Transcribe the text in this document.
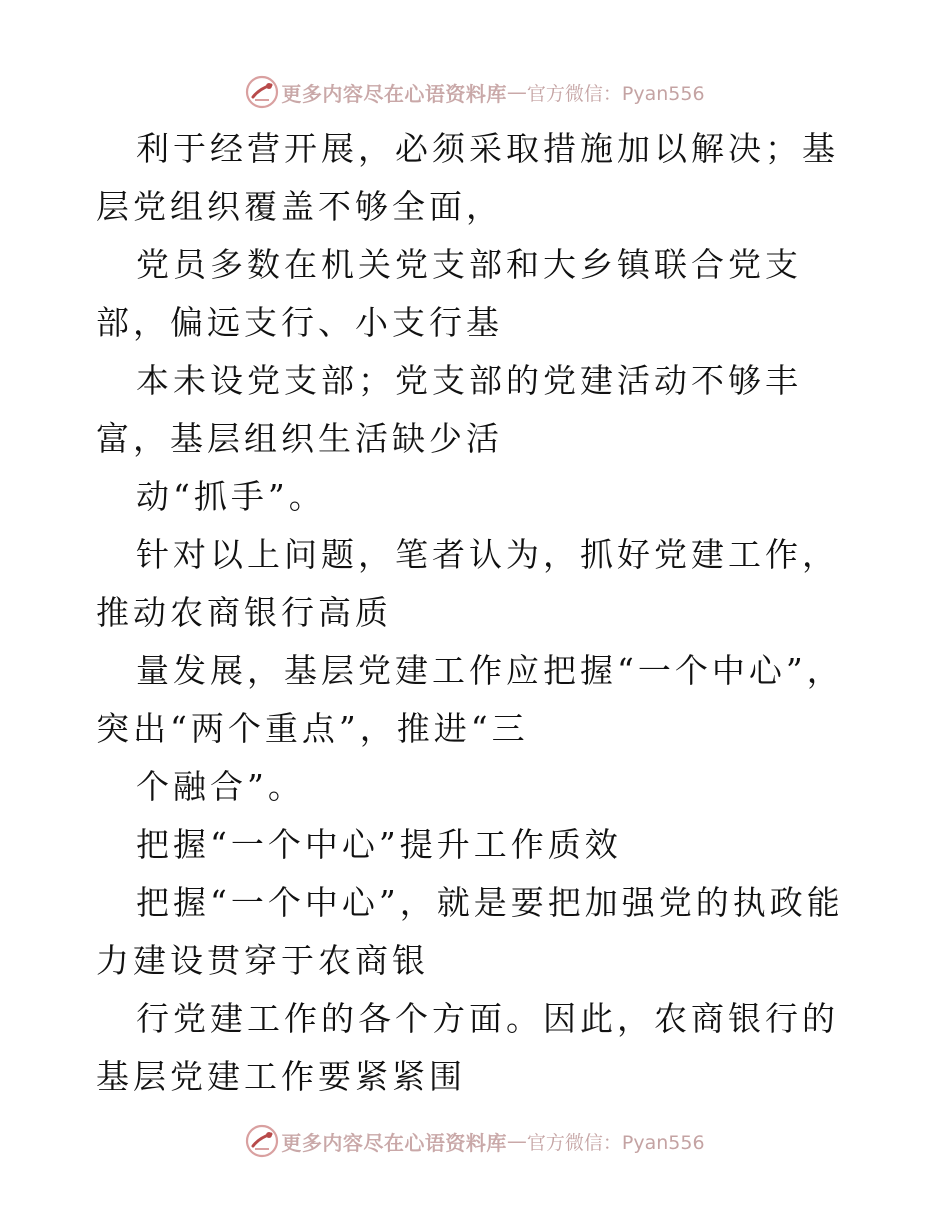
更多内容尽在心语资料库 — 官方微信：Pyan556

利于经营开展，必须采取措施加以解决；基层党组织覆盖不够全面，

党员多数在机关党支部和大乡镇联合党支部，偏远支行、小支行基

本未设党支部；党支部的党建活动不够丰富，基层组织生活缺少活

动“抓手”。

针对以上问题，笔者认为，抓好党建工作，推动农商银行高质

量发展，基层党建工作应把握“一个中心”，突出“两个重点”，推进“三

个融合”。

把握“一个中心”提升工作质效

把握“一个中心”，就是要把加强党的执政能力建设贯穿于农商银

行党建工作的各个方面。因此，农商银行的基层党建工作要紧紧围

更多内容尽在心语资料库 — 官方微信：Pyan556
